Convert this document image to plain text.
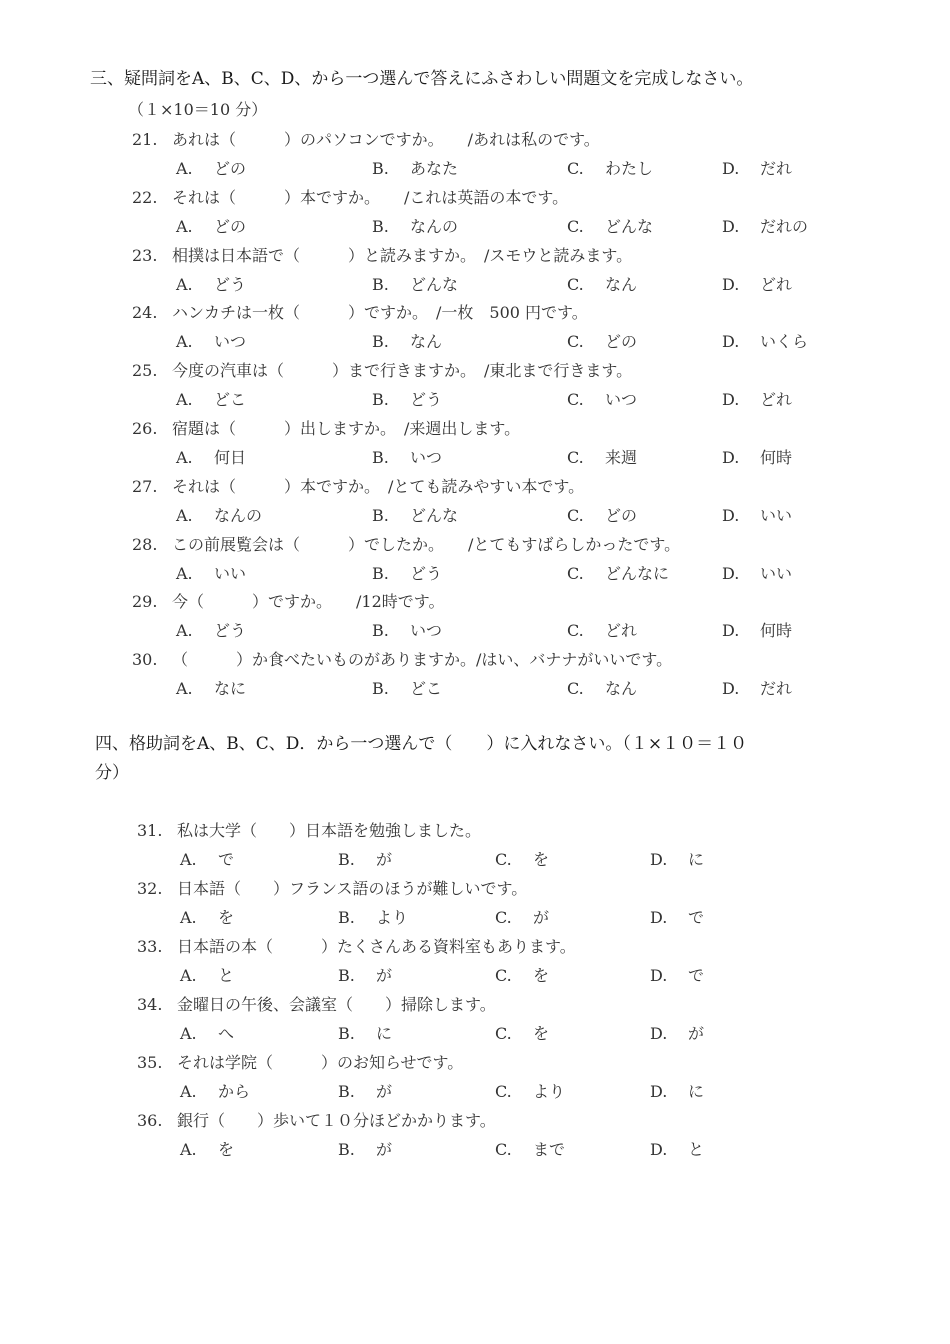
三、疑問詞をA、B、C、D、から一つ選んで答えにふさわしい問題文を完成しなさい。
（１×10＝10 分）
21. あれは（　　　）のパソコンですか。　　/あれは私のです。
A. どの	B. あなた	C. わたし	D. だれ
22. それは（　　　）本ですか。　　/これは英語の本です。
A. どの	B. なんの	C. どんな	D. だれの
23. 相撲は日本語で（　　　）と読みますか。　/スモウと読みます。
A. どう	B. どんな	C. なん	D. どれ
24. ハンカチは一枚（　　　）ですか。　/一枚　500 円です。
A. いつ	B. なん	C. どの	D. いくら
25. 今度の汽車は（　　　）まで行きますか。　/東北まで行きます。
A. どこ	B. どう	C. いつ	D. どれ
26. 宿題は（　　　）出しますか。　/来週出します。
A. 何日	B. いつ	C. 来週	D. 何時
27. それは（　　　）本ですか。　/とても読みやすい本です。
A. なんの	B. どんな	C. どの	D. いい
28. この前展覧会は（　　　）でしたか。　　/とてもすばらしかったです。
A. いい	B. どう	C. どんなに	D. いい
29. 今（　　　）ですか。　　/12時です。
A. どう	B. いつ	C. どれ	D. 何時
30. （　　　）か食べたいものがありますか。/はい、バナナがいいです。
A. なに	B. どこ	C. なん	D. だれ
四、格助詞をA、B、C、D．から一つ選んで（　　）に入れなさい。（１×１０＝１０
分）
31. 私は大学（　　）日本語を勉強しました。
A. で	B. が	C. を	D. に
32. 日本語（　　）フランス語のほうが難しいです。
A. を	B. より	C. が	D. で
33. 日本語の本（　　　）たくさんある資料室もあります。
A. と	B. が	C. を	D. で
34. 金曜日の午後、会議室（　　）掃除します。
A. へ	B. に	C. を	D. が
35. それは学院（　　　）のお知らせです。
A. から	B. が	C. より	D. に
36. 銀行（　　）歩いて１０分ほどかかります。
A. を	B. が	C. まで	D. と
